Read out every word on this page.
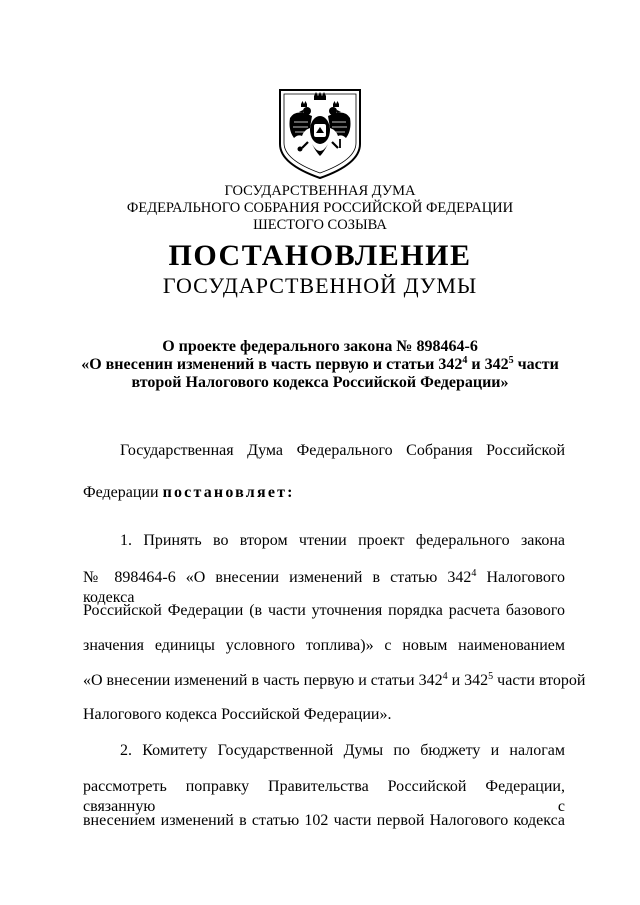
ГОСУДАРСТВЕННАЯ ДУМА
ФЕДЕРАЛЬНОГО СОБРАНИЯ РОССИЙСКОЙ ФЕДЕРАЦИИ
ШЕСТОГО СОЗЫВА
ПОСТАНОВЛЕНИЕ
ГОСУДАРСТВЕННОЙ ДУМЫ
О проекте федерального закона № 898464-6
«О внесенин изменений в часть первую и статьи $342^4$ и $342^5$ части
второй Налогового кодекса Российской Федерации»
Государственная Дума Федерального Собрания Российской
Федерации постановляет:
1. Принять во втором чтении проект федерального закона
№ 898464-6 «О внесении изменений в статью $342^4$ Налогового кодекса
Российской Федерации (в части уточнения порядка расчета базового
значения единицы условного топлива)» с новым наименованием
«О внесении изменений в часть первую и статьи $342^4$ и $342^5$ части второй
Налогового кодекса Российской Федерации».
2. Комитету Государственной Думы по бюджету и налогам
рассмотреть поправку Правительства Российской Федерации, связанную с
внесением изменений в статью 102 части первой Налогового кодекса
